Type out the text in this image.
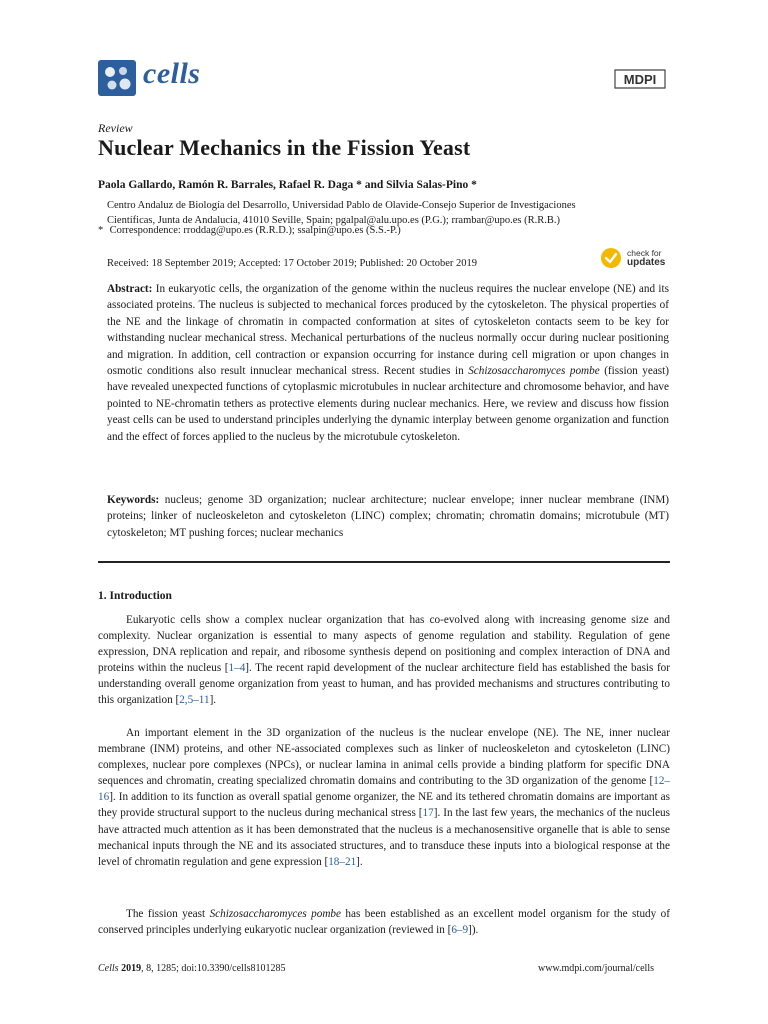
cells	MDPI
Review
Nuclear Mechanics in the Fission Yeast
Paola Gallardo, Ramón R. Barrales, Rafael R. Daga * and Silvia Salas-Pino *
Centro Andaluz de Biología del Desarrollo, Universidad Pablo de Olavide-Consejo Superior de Investigaciones
Científicas, Junta de Andalucia, 41010 Seville, Spain; pgalpal@alu.upo.es (P.G.); rrambar@upo.es (R.R.B.)
* Correspondence: rroddag@upo.es (R.R.D.); ssalpin@upo.es (S.S.-P.)
Received: 18 September 2019; Accepted: 17 October 2019; Published: 20 October 2019
check for
updates
Abstract: In eukaryotic cells, the organization of the genome within the nucleus requires the nuclear envelope (NE) and its associated proteins. The nucleus is subjected to mechanical forces produced by the cytoskeleton. The physical properties of the NE and the linkage of chromatin in compacted conformation at sites of cytoskeleton contacts seem to be key for withstanding nuclear mechanical stress. Mechanical perturbations of the nucleus normally occur during nuclear positioning and migration. In addition, cell contraction or expansion occurring for instance during cell migration or upon changes in osmotic conditions also result innuclear mechanical stress. Recent studies in Schizosaccharomyces pombe (fission yeast) have revealed unexpected functions of cytoplasmic microtubules in nuclear architecture and chromosome behavior, and have pointed to NE-chromatin tethers as protective elements during nuclear mechanics. Here, we review and discuss how fission yeast cells can be used to understand principles underlying the dynamic interplay between genome organization and function and the effect of forces applied to the nucleus by the microtubule cytoskeleton.
Keywords: nucleus; genome 3D organization; nuclear architecture; nuclear envelope; inner nuclear membrane (INM) proteins; linker of nucleoskeleton and cytoskeleton (LINC) complex; chromatin; chromatin domains; microtubule (MT) cytoskeleton; MT pushing forces; nuclear mechanics
1. Introduction
Eukaryotic cells show a complex nuclear organization that has co-evolved along with increasing genome size and complexity. Nuclear organization is essential to many aspects of genome regulation and stability. Regulation of gene expression, DNA replication and repair, and ribosome synthesis depend on positioning and complex interaction of DNA and proteins within the nucleus [1–4]. The recent rapid development of the nuclear architecture field has established the basis for understanding overall genome organization from yeast to human, and has provided mechanisms and structures contributing to this organization [2,5–11].
An important element in the 3D organization of the nucleus is the nuclear envelope (NE). The NE, inner nuclear membrane (INM) proteins, and other NE-associated complexes such as linker of nucleoskeleton and cytoskeleton (LINC) complexes, nuclear pore complexes (NPCs), or nuclear lamina in animal cells provide a binding platform for specific DNA sequences and chromatin, creating specialized chromatin domains and contributing to the 3D organization of the genome [12–16]. In addition to its function as overall spatial genome organizer, the NE and its tethered chromatin domains are important as they provide structural support to the nucleus during mechanical stress [17]. In the last few years, the mechanics of the nucleus have attracted much attention as it has been demonstrated that the nucleus is a mechanosensitive organelle that is able to sense mechanical inputs through the NE and its associated structures, and to transduce these inputs into a biological response at the level of chromatin regulation and gene expression [18–21].
The fission yeast Schizosaccharomyces pombe has been established as an excellent model organism for the study of conserved principles underlying eukaryotic nuclear organization (reviewed in [6–9]).
Cells 2019, 8, 1285; doi:10.3390/cells8101285	www.mdpi.com/journal/cells
